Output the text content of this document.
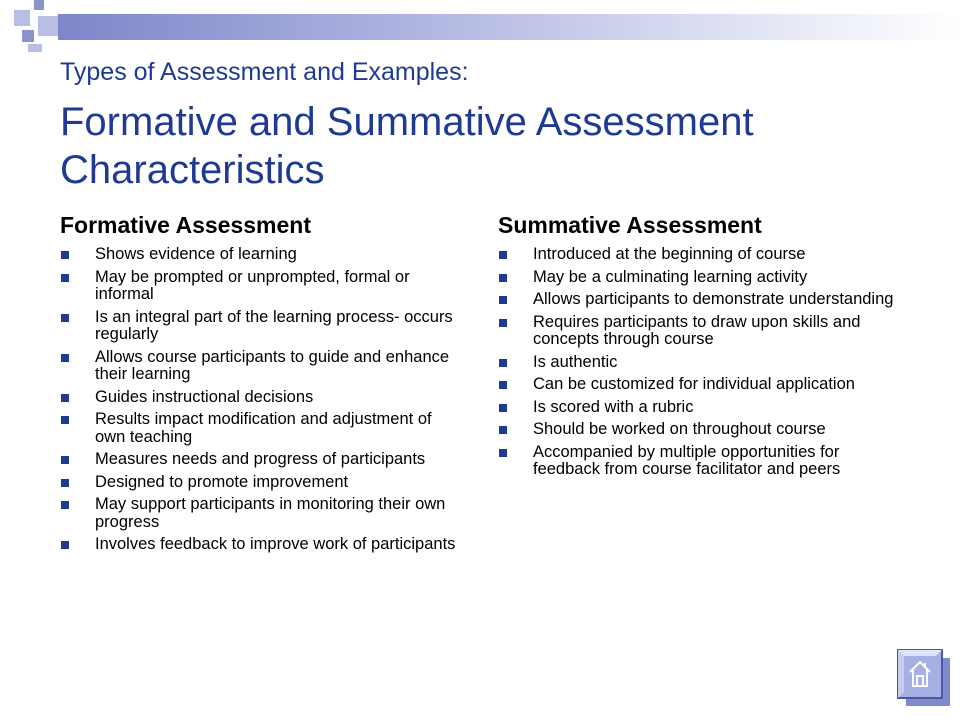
Types of Assessment and Examples:
Formative and Summative Assessment Characteristics
Formative Assessment
Shows evidence of learning
May be prompted or unprompted, formal or informal
Is an integral part of the learning process- occurs regularly
Allows course participants to guide and enhance their learning
Guides instructional decisions
Results impact modification and adjustment of own teaching
Measures needs and progress of participants
Designed to promote improvement
May support participants in monitoring their own progress
Involves feedback to improve work of participants
Summative Assessment
Introduced at the beginning of course
May be a culminating learning activity
Allows participants to demonstrate understanding
Requires participants to draw upon skills and concepts through course
Is authentic
Can be customized for individual application
Is scored with a rubric
Should be worked on throughout course
Accompanied by multiple opportunities for feedback from course facilitator and peers
